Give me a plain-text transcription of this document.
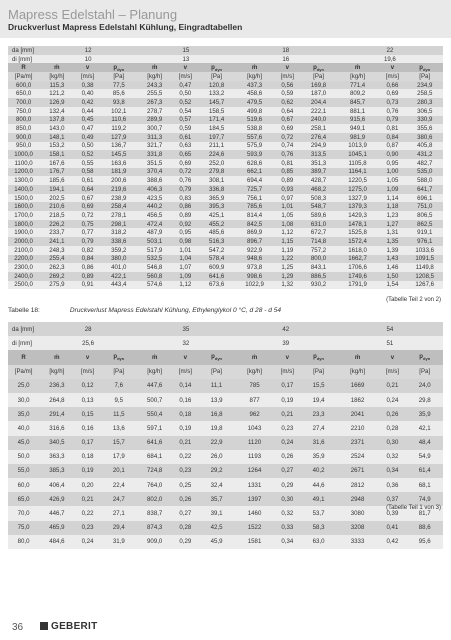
Mapress Edelstahl – Planung
Druckverlust Mapress Edelstahl Kühlung, Eingradtabellen
da [mm]	12			15			18			22		
di [mm]	10			13			16			19,6		
R	ṁ	v	$p_{dyn}$	ṁ	v	$p_{dyn}$	ṁ	v	$p_{dyn}$	ṁ	v	$p_{dyn}$
[Pa/m]	[kg/h]	[m/s]	[Pa]	[kg/h]	[m/s]	[Pa]	[kg/h]	[m/s]	[Pa]	[kg/h]	[m/s]	[Pa]
600,0	115,3	0,38	77,5	243,3	0,47	120,8	437,3	0,56	169,8	771,4	0,66	234,9
650,0	121,2	0,40	85,6	255,5	0,50	133,2	458,6	0,59	187,0	809,2	0,69	258,5
700,0	126,9	0,42	93,8	267,3	0,52	145,7	479,5	0,62	204,4	845,7	0,73	280,3
750,0	132,4	0,44	102,1	278,7	0,54	158,5	499,8	0,64	222,1	881,1	0,76	306,5
800,0	137,8	0,45	110,6	289,9	0,57	171,4	519,6	0,67	240,0	915,6	0,79	330,9
850,0	143,0	0,47	119,2	300,7	0,59	184,5	538,8	0,69	258,1	949,1	0,81	355,6
900,0	148,1	0,49	127,9	311,3	0,61	197,7	557,6	0,72	276,4	981,9	0,84	380,6
950,0	153,2	0,50	136,7	321,7	0,63	211,1	575,9	0,74	294,9	1013,9	0,87	405,8
1000,0	158,1	0,52	145,5	331,8	0,65	224,6	593,9	0,76	313,5	1045,1	0,90	431,2
1100,0	167,6	0,55	163,6	351,5	0,69	252,0	628,6	0,81	351,3	1105,8	0,95	482,7
1200,0	176,7	0,58	181,9	370,4	0,72	279,8	662,1	0,85	389,7	1164,1	1,00	535,0
1300,0	185,6	0,61	200,6	388,6	0,76	308,1	694,4	0,89	428,7	1220,5	1,05	588,0
1400,0	194,1	0,64	219,6	406,3	0,79	336,8	725,7	0,93	468,2	1275,0	1,09	641,7
1500,0	202,5	0,67	238,9	423,5	0,83	365,9	756,1	0,97	508,3	1327,9	1,14	696,1
1600,0	210,6	0,69	258,4	440,2	0,86	395,3	785,6	1,01	548,7	1379,3	1,18	751,0
1700,0	218,5	0,72	278,1	456,5	0,89	425,1	814,4	1,05	589,6	1429,3	1,23	806,5
1800,0	226,2	0,75	298,1	472,4	0,92	455,2	842,5	1,08	631,0	1478,1	1,27	862,5
1900,0	233,7	0,77	318,2	487,9	0,95	485,6	869,9	1,12	672,7	1525,8	1,31	919,1
2000,0	241,1	0,79	338,6	503,1	0,98	516,3	896,7	1,15	714,8	1572,4	1,35	976,1
2100,0	248,3	0,82	359,2	517,9	1,01	547,2	922,9	1,19	757,2	1618,0	1,39	1033,6
2200,0	255,4	0,84	380,0	532,5	1,04	578,4	948,6	1,22	800,0	1662,7	1,43	1091,5
2300,0	262,3	0,86	401,0	546,8	1,07	609,9	973,8	1,25	843,1	1706,6	1,46	1149,8
2400,0	269,2	0,89	422,1	560,8	1,09	641,6	998,6	1,29	886,5	1749,6	1,50	1208,5
2500,0	275,9	0,91	443,4	574,6	1,12	673,6	1022,9	1,32	930,2	1791,9	1,54	1267,6
(Tabelle Teil 2 von 2)
Tabelle 18:	Druckverlust Mapress Edelstahl Kühlung, Ethylenglykol 0 °C, d 28 - d 54
da [mm]	28			35			42			54		
di [mm]	25,6			32			39			51		
R	ṁ	v	$p_{dyn}$	ṁ	v	$p_{dyn}$	ṁ	v	$p_{dyn}$	ṁ	v	$p_{dyn}$
[Pa/m]	[kg/h]	[m/s]	[Pa]	[kg/h]	[m/s]	[Pa]	[kg/h]	[m/s]	[Pa]	[kg/h]	[m/s]	[Pa]
25,0	236,3	0,12	7,6	447,6	0,14	11,1	785	0,17	15,5	1669	0,21	24,0
30,0	264,8	0,13	9,5	500,7	0,16	13,9	877	0,19	19,4	1862	0,24	29,8
35,0	291,4	0,15	11,5	550,4	0,18	16,8	962	0,21	23,3	2041	0,26	35,9
40,0	316,6	0,16	13,6	597,1	0,19	19,8	1043	0,23	27,4	2210	0,28	42,1
45,0	340,5	0,17	15,7	641,6	0,21	22,9	1120	0,24	31,6	2371	0,30	48,4
50,0	363,3	0,18	17,9	684,1	0,22	26,0	1193	0,26	35,9	2524	0,32	54,9
55,0	385,3	0,19	20,1	724,8	0,23	29,2	1264	0,27	40,2	2671	0,34	61,4
60,0	406,4	0,20	22,4	764,0	0,25	32,4	1331	0,29	44,6	2812	0,36	68,1
65,0	426,9	0,21	24,7	802,0	0,26	35,7	1397	0,30	49,1	2948	0,37	74,9
70,0	446,7	0,22	27,1	838,7	0,27	39,1	1460	0,32	53,7	3080	0,39	81,7
75,0	465,9	0,23	29,4	874,3	0,28	42,5	1522	0,33	58,3	3208	0,41	88,6
80,0	484,6	0,24	31,9	909,0	0,29	45,9	1581	0,34	63,0	3333	0,42	95,6
(Tabelle Teil 1 von 3)
36	GEBERIT
